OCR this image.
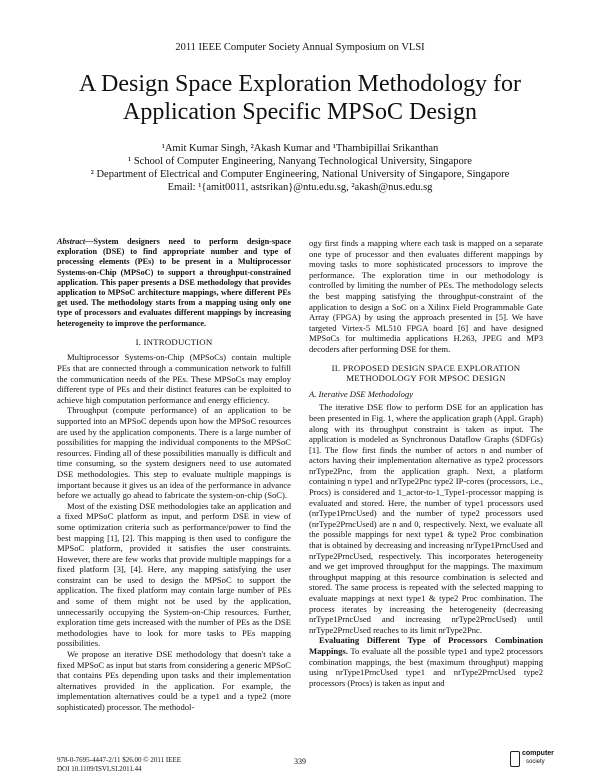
2011 IEEE Computer Society Annual Symposium on VLSI
A Design Space Exploration Methodology for
Application Specific MPSoC Design
¹Amit Kumar Singh, ²Akash Kumar and ¹Thambipillai Srikanthan
¹ School of Computer Engineering, Nanyang Technological University, Singapore
² Department of Electrical and Computer Engineering, National University of Singapore, Singapore
Email: ¹{amit0011, astsrikan}@ntu.edu.sg, ²akash@nus.edu.sg
Abstract—System designers need to perform design-space exploration (DSE) to find appropriate number and type of processing elements (PEs) to be present in a Multiprocessor Systems-on-Chip (MPSoC) to support a throughput-constrained application. This paper presents a DSE methodology that provides application to MPSoC architecture mappings, where different PEs get used. The methodology starts from a mapping using only one type of processors and evaluates different mappings by increasing heterogeneity to improve the performance.
I. INTRODUCTION

Multiprocessor Systems-on-Chip (MPSoCs) contain multiple PEs that are connected through a communication network to fulfill the communication needs of the PEs. These MPSoCs may employ different type of PEs and their distinct features can be exploited to achieve high computation performance and energy efficiency.

Throughput (compute performance) of an application to be supported into an MPSoC depends upon how the MPSoC resources are used by the application components. There is a large number of possibilities for mapping the individual components to the MPSoC resources. Finding all of these possibilities manually is difficult and time consuming, so the system designers need to use automated DSE methodologies. This step to evaluate multiple mappings is important because it gives us an idea of the performance in advance before we actually go ahead to fabricate the system-on-chip (SoC).

Most of the existing DSE methodologies take an application and a fixed MPSoC platform as input, and perform DSE in view of some optimization criteria such as performance/power to find the best mapping [1], [2]. This mapping is then used to configure the MPSoC platform, provided it satisfies the user constraints. However, there are few works that provide multiple mappings for a fixed platform [3], [4]. Here, any mapping satisfying the user constraint can be used to design the MPSoC to support the application. The fixed platform may contain large number of PEs and some of them might not be used by the application, unnecessarily occupying the System-on-Chip resources. Further, exploration time gets increased with the number of PEs as the DSE methodologies have to look for more tasks to PEs mapping possibilities.

We propose an iterative DSE methodology that doesn't take a fixed MPSoC as input but starts from considering a generic MPSoC that contains PEs depending upon tasks and their implementation alternatives provided in the application. For example, the implementation alternatives could be a type1 and a type2 (more sophisticated) processor. The methodol-

ogy first finds a mapping where each task is mapped on a separate one type of processor and then evaluates different mappings by moving tasks to more sophisticated processors to improve the performance. The exploration time in our methodology is controlled by limiting the number of PEs. The methodology selects the best mapping satisfying the throughput-constraint of the application to design a SoC on a Xilinx Field Programmable Gate Array (FPGA) by using the approach presented in [5]. We have targeted Virtex-5 ML510 FPGA board [6] and have designed MPSoCs for multimedia applications H.263, JPEG and MP3 decoders after performing DSE for them.

II. PROPOSED DESIGN SPACE EXPLORATION
METHODOLOGY FOR MPSOC DESIGN
A. Iterative DSE Methodology

The iterative DSE flow to perform DSE for an application has been presented in Fig. 1, where the application graph (Appl. Graph) along with its throughput constraint is taken as input. The application is modeled as Synchronous Dataflow Graphs (SDFGs) [1]. The flow first finds the number of actors n and number of actors having their implementation alternative as type2 processors nrType2Pnc, from the application graph. Next, a platform containing n type1 and nrType2Pnc type2 IP-cores (processors, i.e., Procs) is considered and 1_actor-to-1_Type1-processor mapping is evaluated and stored. Here, the number of type1 processors used (nrType1PrncUsed) and the number of type2 processors used (nrType2PrncUsed) are n and 0, respectively. Next, we evaluate all the possible mappings for next type1 & type2 Proc combination that is obtained by decreasing and increasing nrType1PrncUsed and nrType2PrncUsed, respectively. This incorporates heterogeneity and we get improved throughput for the mappings. The maximum throughput mapping at this resource combination is selected and stored. The same process is repeated with the selected mapping to evaluate mappings at next type1 & type2 Proc combination. The process iterates by increasing the heterogeneity (decreasing nrType1PrncUsed and increasing nrType2PrncUsed) until nrType2PrncUsed reaches to its limit nrType2Pnc.

Evaluating Different Type of Processors Combination Mappings. To evaluate all the possible type1 and type2 processors combination mappings, the best (maximum throughput) mapping using nrType1PrncUsed type1 and nrType2PrncUsed type2 processors (Procs) is taken as input and

978-0-7695-4447-2/11 $26.00 © 2011 IEEE
DOI 10.1109/ISVLSI.2011.44
339
computer
society
